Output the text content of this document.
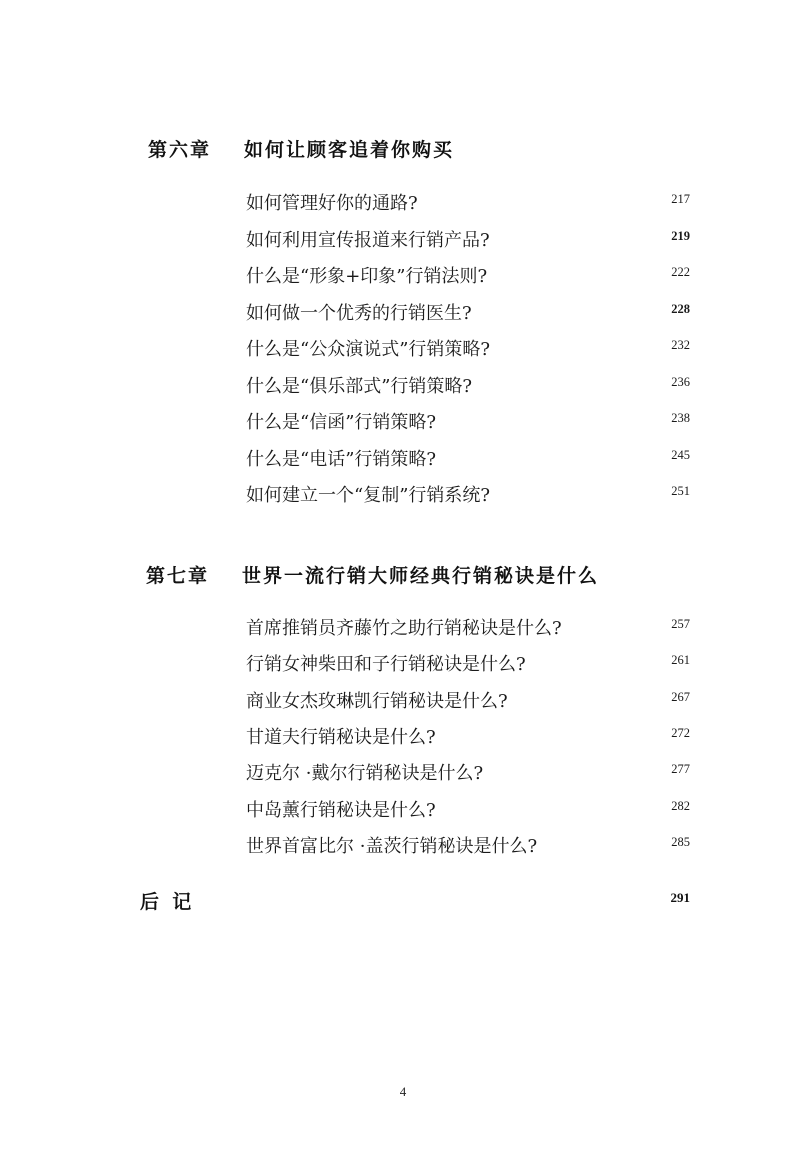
第六章 如何让顾客追着你购买
如何管理好你的通路?	217
如何利用宣传报道来行销产品?	219
什么是“形象+印象”行销法则?	222
如何做一个优秀的行销医生?	228
什么是“公众演说式”行销策略?	232
什么是“俱乐部式”行销策略?	236
什么是“信函”行销策略?	238
什么是“电话”行销策略?	245
如何建立一个“复制”行销系统?	251
第七章 世界一流行销大师经典行销秘诀是什么
首席推销员齐藤竹之助行销秘诀是什么?	257
行销女神柴田和子行销秘诀是什么?	261
商业女杰玫琳凯行销秘诀是什么?	267
甘道夫行销秘诀是什么?	272
迈克尔 ·戴尔行销秘诀是什么?	277
中岛薰行销秘诀是什么?	282
世界首富比尔 ·盖茨行销秘诀是什么?	285
后  记	291
4
